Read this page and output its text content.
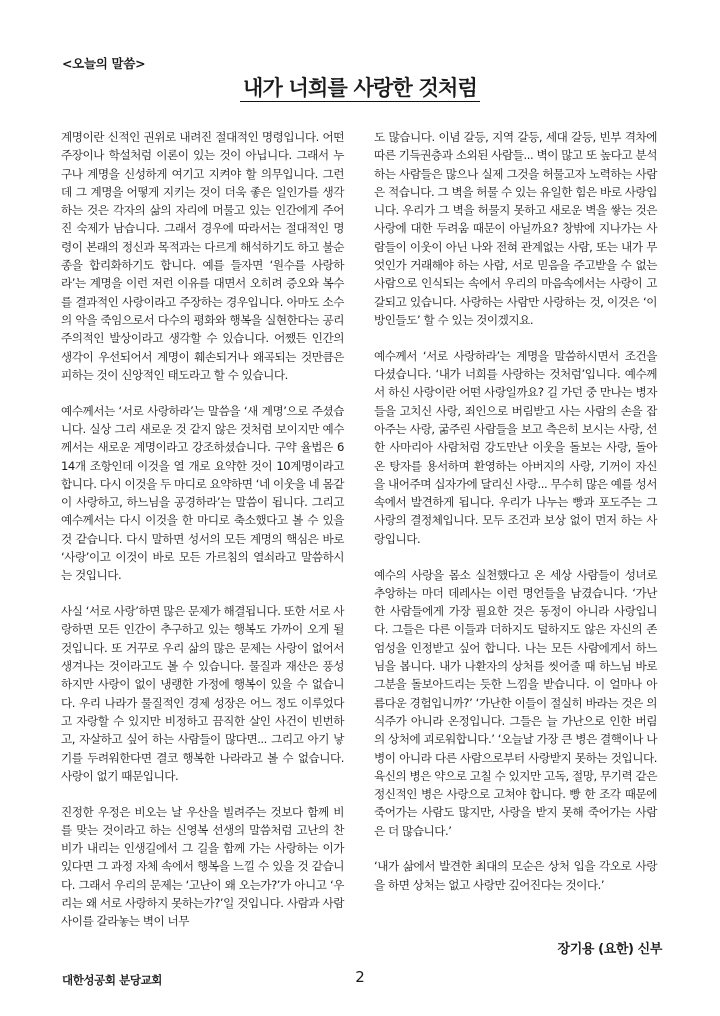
<오늘의 말씀>
내가 너희를 사랑한 것처럼

계명이란 신적인 권위로 내려진 절대적인 명령입니다. 어떤 주장이나 학설처럼 이론이 있는 것이 아닙니다. 그래서 누구나 계명을 신성하게 여기고 지켜야 할 의무입니다. 그런데 그 계명을 어떻게 지키는 것이 더욱 좋은 일인가를 생각하는 것은 각자의 삶의 자리에 머물고 있는 인간에게 주어진 숙제가 남습니다. 그래서 경우에 따라서는 절대적인 명령이 본래의 정신과 목적과는 다르게 해석하기도 하고 불순종을 합리화하기도 합니다. 예를 들자면 ‘원수를 사랑하라’는 계명을 이런 저런 이유를 대면서 오히려 증오와 복수를 결과적인 사랑이라고 주장하는 경우입니다. 아마도 소수의 악을 죽임으로서 다수의 평화와 행복을 실현한다는 공리주의적인 발상이라고 생각할 수 있습니다. 어쨌든 인간의 생각이 우선되어서 계명이 훼손되거나 왜곡되는 것만큼은 피하는 것이 신앙적인 태도라고 할 수 있습니다.

예수께서는 ‘서로 사랑하라’는 말씀을 ‘새 계명’으로 주셨습니다. 실상 그리 새로운 것 같지 않은 것처럼 보이지만 예수께서는 새로운 계명이라고 강조하셨습니다. 구약 율법은 614개 조항인데 이것을 열 개로 요약한 것이 10계명이라고 합니다. 다시 이것을 두 마디로 요약하면 ‘네 이웃을 네 몸같이 사랑하고, 하느님을 공경하라’는 말씀이 됩니다. 그리고 예수께서는 다시 이것을 한 마디로 축소했다고 볼 수 있을 것 같습니다. 다시 말하면 성서의 모든 계명의 핵심은 바로 ‘사랑’이고 이것이 바로 모든 가르침의 열쇠라고 말씀하시는 것입니다.

사실 ‘서로 사랑’하면 많은 문제가 해결됩니다. 또한 서로 사랑하면 모든 인간이 추구하고 있는 행복도 가까이 오게 될 것입니다. 또 거꾸로 우리 삶의 많은 문제는 사랑이 없어서 생겨나는 것이라고도 볼 수 있습니다. 물질과 재산은 풍성하지만 사랑이 없이 냉랭한 가정에 행복이 있을 수 없습니다. 우리 나라가 물질적인 경제 성장은 어느 정도 이루었다고 자랑할 수 있지만 비정하고 끔직한 살인 사건이 빈번하고, 자살하고 싶어 하는 사람들이 많다면... 그리고 아기 낳기를 두려워한다면 결코 행복한 나라라고 볼 수 없습니다. 사랑이 없기 때문입니다.

진정한 우정은 비오는 날 우산을 빌려주는 것보다 함께 비를 맞는 것이라고 하는 신영복 선생의 말씀처럼 고난의 찬비가 내리는 인생길에서 그 길을 함께 가는 사랑하는 이가 있다면 그 과정 자체 속에서 행복을 느낄 수 있을 것 같습니다. 그래서 우리의 문제는 ‘고난이 왜 오는가?’가 아니고 ‘우리는 왜 서로 사랑하지 못하는가?’일 것입니다. 사람과 사람 사이를 갈라놓는 벽이 너무

도 많습니다. 이념 갈등, 지역 갈등, 세대 갈등, 빈부 격차에 따른 기득권층과 소외된 사람들... 벽이 많고 또 높다고 분석하는 사람들은 많으나 실제 그것을 허물고자 노력하는 사람은 적습니다. 그 벽을 허물 수 있는 유일한 힘은 바로 사랑입니다. 우리가 그 벽을 허물지 못하고 새로운 벽을 쌓는 것은 사랑에 대한 두려움 때문이 아닐까요? 창밖에 지나가는 사람들이 이웃이 아닌 나와 전혀 관계없는 사람, 또는 내가 무엇인가 거래해야 하는 사람, 서로 믿음을 주고받을 수 없는 사람으로 인식되는 속에서 우리의 마음속에서는 사랑이 고갈되고 있습니다. 사랑하는 사람만 사랑하는 것, 이것은 ‘이방인들도’ 할 수 있는 것이겠지요.

예수께서 ‘서로 사랑하라’는 계명을 말씀하시면서 조건을 다셨습니다. ‘내가 너희를 사랑하는 것처럼’입니다. 예수께서 하신 사랑이란 어떤 사랑일까요? 길 가던 중 만나는 병자들을 고치신 사랑, 죄인으로 버림받고 사는 사람의 손을 잡아주는 사랑, 굶주린 사람들을 보고 측은히 보시는 사랑, 선한 사마리아 사람처럼 강도만난 이웃을 돌보는 사랑, 돌아온 탕자를 용서하며 환영하는 아버지의 사랑, 기꺼이 자신을 내어주며 십자가에 달리신 사랑... 무수히 많은 예를 성서 속에서 발견하게 됩니다. 우리가 나누는 빵과 포도주는 그 사랑의 결정체입니다. 모두 조건과 보상 없이 먼저 하는 사랑입니다.

예수의 사랑을 몸소 실천했다고 온 세상 사람들이 성녀로 추앙하는 마더 데레사는 이런 명언들을 남겼습니다. ‘가난한 사람들에게 가장 필요한 것은 동정이 아니라 사랑입니다. 그들은 다른 이들과 더하지도 덜하지도 않은 자신의 존엄성을 인정받고 싶어 합니다. 나는 모든 사람에게서 하느님을 봅니다. 내가 나환자의 상처를 씻어줄 때 하느님 바로 그분을 돌보아드리는 듯한 느낌을 받습니다. 이 얼마나 아름다운 경험입니까?’ ‘가난한 이들이 절실히 바라는 것은 의식주가 아니라 온정입니다. 그들은 늘 가난으로 인한 버림의 상처에 괴로워합니다.’ ‘오늘날 가장 큰 병은 결핵이나 나병이 아니라 다른 사람으로부터 사랑받지 못하는 것입니다. 육신의 병은 약으로 고칠 수 있지만 고독, 절망, 무기력 같은 정신적인 병은 사랑으로 고쳐야 합니다. 빵 한 조각 때문에 죽어가는 사람도 많지만, 사랑을 받지 못해 죽어가는 사람은 더 많습니다.’

‘내가 삶에서 발견한 최대의 모순은 상처 입을 각오로 사랑을 하면 상처는 없고 사랑만 깊어진다는 것이다.’

장기용 (요한) 신부
대한성공회 분당교회	2
